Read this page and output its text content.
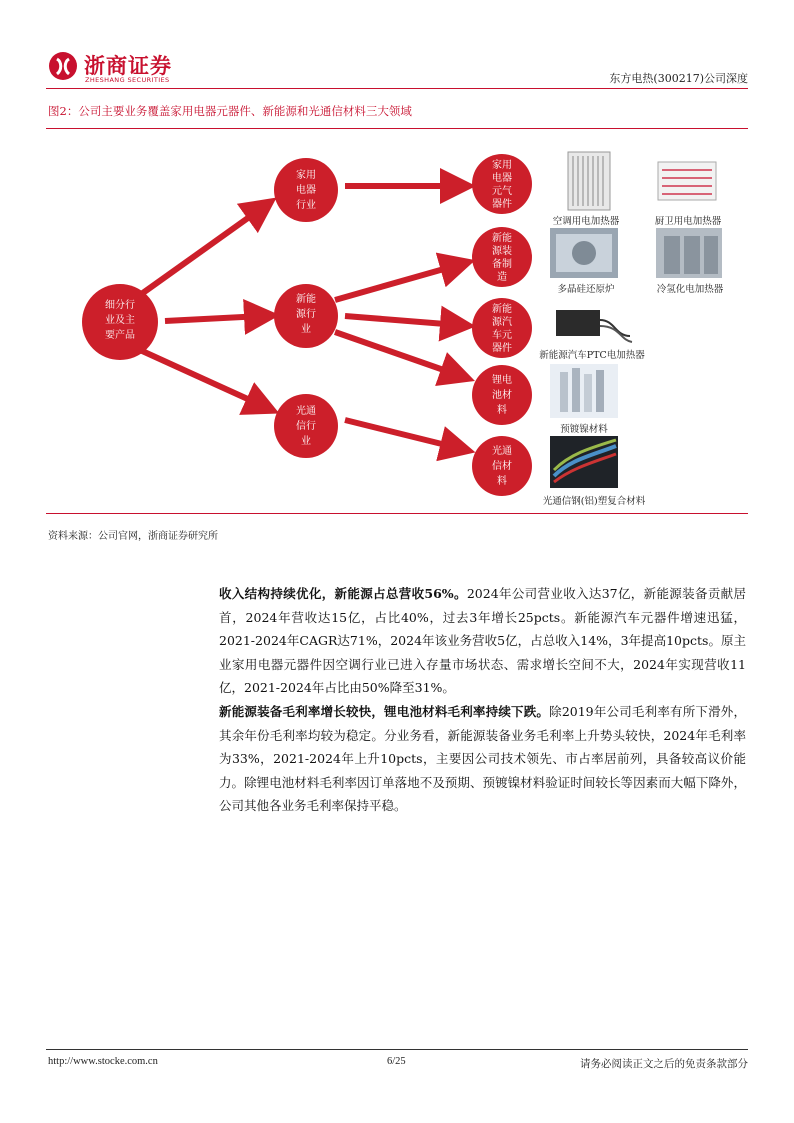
浙商证券
ZHESHANG SECURITIES	东方电热(300217)公司深度
图2：公司主要业务覆盖家用电器元器件、新能源和光通信材料三大领域
细分行
业及主
要产品
家用
电器
行业
新能
源行
业
光通
信行
业
家用
电器
元气
器件
新能
源装
备制
造
新能
源汽
车元
器件
锂电
池材
料
光通
信材
料
空调用电加热器	厨卫用电加热器
多晶硅还原炉	冷氢化电加热器
新能源汽车PTC电加热器
预镀镍材料
光通信钢(铝)塑复合材料
资料来源：公司官网，浙商证券研究所
收入结构持续优化，新能源占总营收56%。2024年公司营业收入达37亿，新能源装备贡献居首，2024年营收达15亿，占比40%，过去3年增长25pcts。新能源汽车元器件增速迅猛，2021-2024年CAGR达71%，2024年该业务营收5亿，占总收入14%，3年提高10pcts。原主业家用电器元器件因空调行业已进入存量市场状态、需求增长空间不大，2024年实现营收11亿，2021-2024年占比由50%降至31%。
新能源装备毛利率增长较快，锂电池材料毛利率持续下跌。除2019年公司毛利率有所下滑外，其余年份毛利率均较为稳定。分业务看，新能源装备业务毛利率上升势头较快，2024年毛利率为33%，2021-2024年上升10pcts，主要因公司技术领先、市占率居前列，具备较高议价能力。除锂电池材料毛利率因订单落地不及预期、预镀镍材料验证时间较长等因素而大幅下降外，公司其他各业务毛利率保持平稳。
http://www.stocke.com.cn	6/25	请务必阅读正文之后的免责条款部分
